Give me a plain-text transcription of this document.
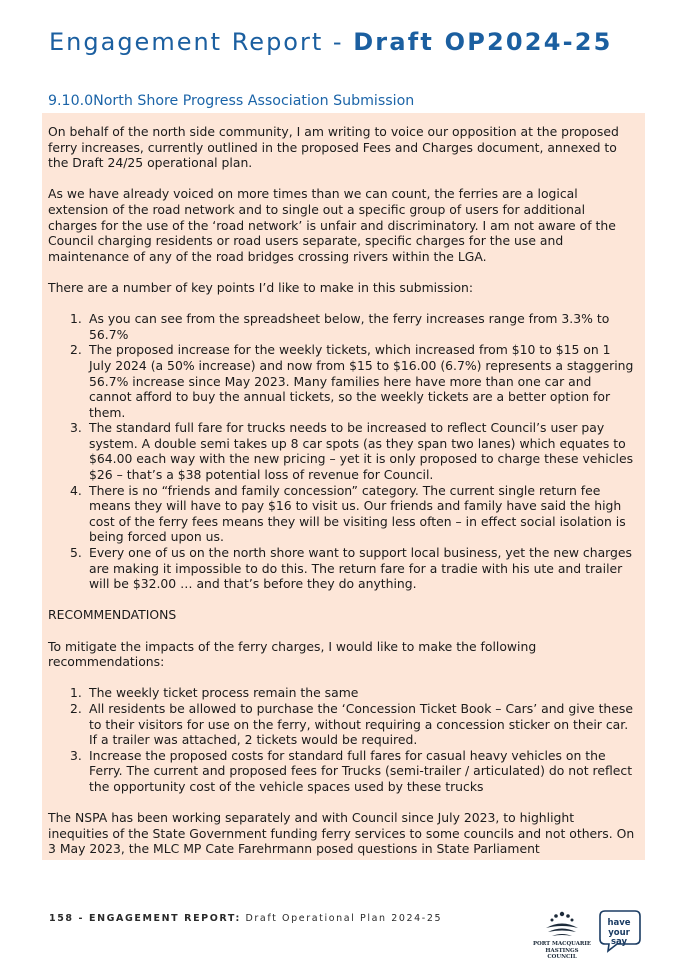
Engagement Report - Draft OP2024-25
9.10.0North Shore Progress Association Submission

On behalf of the north side community, I am writing to voice our opposition at the proposed ferry increases, currently outlined in the proposed Fees and Charges document, annexed to the Draft 24/25 operational plan.

As we have already voiced on more times than we can count, the ferries are a logical extension of the road network and to single out a specific group of users for additional charges for the use of the ‘road network’ is unfair and discriminatory. I am not aware of the Council charging residents or road users separate, specific charges for the use and maintenance of any of the road bridges crossing rivers within the LGA.

There are a number of key points I’d like to make in this submission:

1. As you can see from the spreadsheet below, the ferry increases range from 3.3% to 56.7%
2. The proposed increase for the weekly tickets, which increased from $10 to $15 on 1 July 2024 (a 50% increase) and now from $15 to $16.00 (6.7%) represents a staggering 56.7% increase since May 2023. Many families here have more than one car and cannot afford to buy the annual tickets, so the weekly tickets are a better option for them.
3. The standard full fare for trucks needs to be increased to reflect Council’s user pay system. A double semi takes up 8 car spots (as they span two lanes) which equates to $64.00 each way with the new pricing – yet it is only proposed to charge these vehicles $26 – that’s a $38 potential loss of revenue for Council.
4. There is no “friends and family concession” category. The current single return fee means they will have to pay $16 to visit us. Our friends and family have said the high cost of the ferry fees means they will be visiting less often – in effect social isolation is being forced upon us.
5. Every one of us on the north shore want to support local business, yet the new charges are making it impossible to do this. The return fare for a tradie with his ute and trailer will be $32.00 … and that’s before they do anything.

RECOMMENDATIONS

To mitigate the impacts of the ferry charges, I would like to make the following recommendations:

1. The weekly ticket process remain the same
2. All residents be allowed to purchase the ‘Concession Ticket Book – Cars’ and give these to their visitors for use on the ferry, without requiring a concession sticker on their car. If a trailer was attached, 2 tickets would be required.
3. Increase the proposed costs for standard full fares for casual heavy vehicles on the Ferry. The current and proposed fees for Trucks (semi-trailer / articulated) do not reflect the opportunity cost of the vehicle spaces used by these trucks

The NSPA has been working separately and with Council since July 2023, to highlight inequities of the State Government funding ferry services to some councils and not others. On 3 May 2023, the MLC MP Cate Farehrmann posed questions in State Parliament

158 - ENGAGEMENT REPORT: Draft Operational Plan 2024-25
PORT MACQUARIE
HASTINGS COUNCIL
have
your say
